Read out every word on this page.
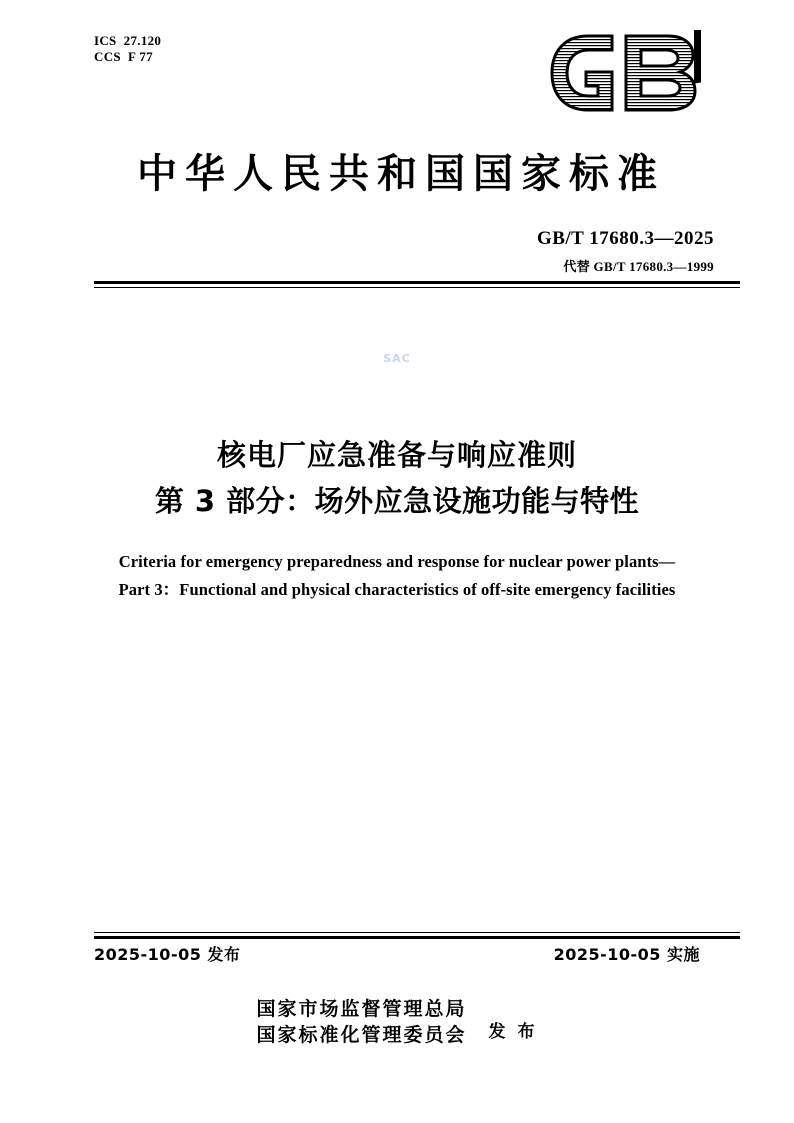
ICS  27.120
CCS  F 77
中华人民共和国国家标准
GB/T 17680.3—2025
代替 GB/T 17680.3—1999
SAC
核电厂应急准备与响应准则
第 3 部分：场外应急设施功能与特性
Criteria for emergency preparedness and response for nuclear power plants—
Part 3：Functional and physical characteristics of off-site emergency facilities
2025-10-05 发布	2025-10-05 实施
国家市场监督管理总局
国家标准化管理委员会 发 布
